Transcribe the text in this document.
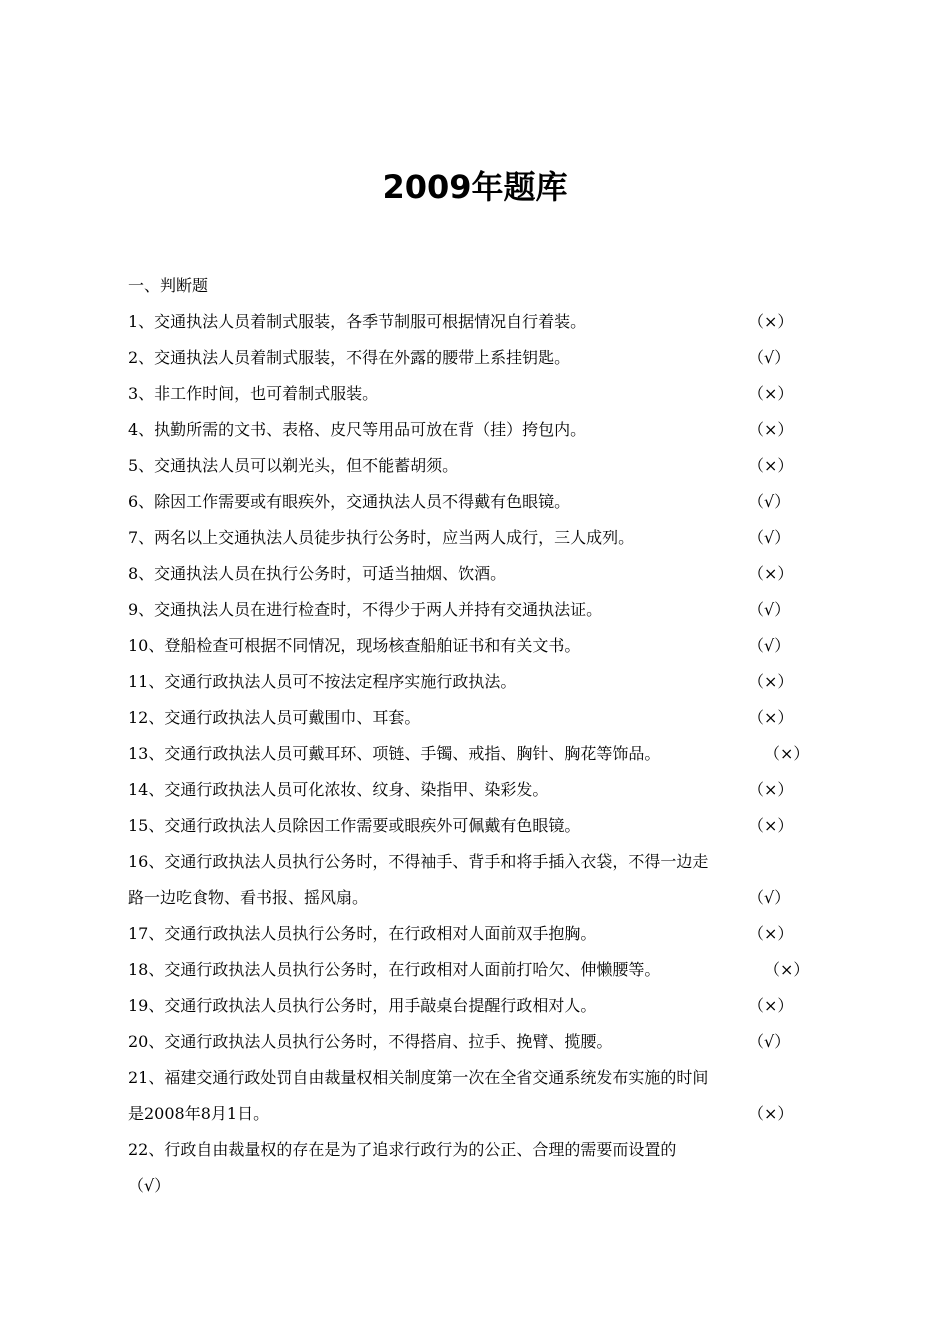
2009年题库
一、判断题
1、交通执法人员着制式服装，各季节制服可根据情况自行着装。	（×）
2、交通执法人员着制式服装，不得在外露的腰带上系挂钥匙。	（√）
3、非工作时间，也可着制式服装。	（×）
4、执勤所需的文书、表格、皮尺等用品可放在背（挂）挎包内。	（×）
5、交通执法人员可以剃光头，但不能蓄胡须。	（×）
6、除因工作需要或有眼疾外，交通执法人员不得戴有色眼镜。	（√）
7、两名以上交通执法人员徒步执行公务时，应当两人成行，三人成列。	（√）
8、交通执法人员在执行公务时，可适当抽烟、饮酒。	（×）
9、交通执法人员在进行检查时，不得少于两人并持有交通执法证。	（√）
10、登船检查可根据不同情况，现场核查船舶证书和有关文书。	（√）
11、交通行政执法人员可不按法定程序实施行政执法。	（×）
12、交通行政执法人员可戴围巾、耳套。	（×）
13、交通行政执法人员可戴耳环、项链、手镯、戒指、胸针、胸花等饰品。	（×）
14、交通行政执法人员可化浓妆、纹身、染指甲、染彩发。	（×）
15、交通行政执法人员除因工作需要或眼疾外可佩戴有色眼镜。	（×）
16、交通行政执法人员执行公务时，不得袖手、背手和将手插入衣袋，不得一边走
路一边吃食物、看书报、摇风扇。	（√）
17、交通行政执法人员执行公务时，在行政相对人面前双手抱胸。	（×）
18、交通行政执法人员执行公务时，在行政相对人面前打哈欠、伸懒腰等。	（×）
19、交通行政执法人员执行公务时，用手敲桌台提醒行政相对人。	（×）
20、交通行政执法人员执行公务时，不得搭肩、拉手、挽臂、揽腰。	（√）
21、福建交通行政处罚自由裁量权相关制度第一次在全省交通系统发布实施的时间
是2008年8月1日。	（×）
22、行政自由裁量权的存在是为了追求行政行为的公正、合理的需要而设置的
（√）
